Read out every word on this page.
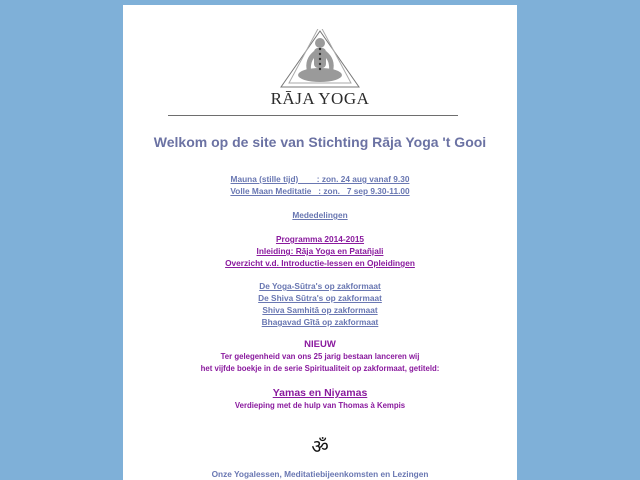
RĀJA YOGA
Welkom op de site van Stichting Rāja Yoga 't Gooi
Mauna (stille tijd)        : zon. 24 aug vanaf 9.30
Volle Maan Meditatie   : zon.   7 sep 9.30-11.00
Mededelingen
Programma 2014-2015
Inleiding: Rāja Yoga en Patañjali
Overzicht v.d. Introductie-lessen en Opleidingen
De Yoga-Sūtra's op zakformaat
De Shiva Sūtra's op zakformaat
Shiva Samhitā op zakformaat
Bhagavad Gītā op zakformaat
NIEUW
Ter gelegenheid van ons 25 jarig bestaan lanceren wij
het vijfde boekje in de serie Spiritualiteit op zakformaat, getiteld:
Yamas en Niyamas
Verdieping met de hulp van Thomas à Kempis
ॐ
Onze Yogalessen, Meditatiebijeenkomsten en Lezingen
